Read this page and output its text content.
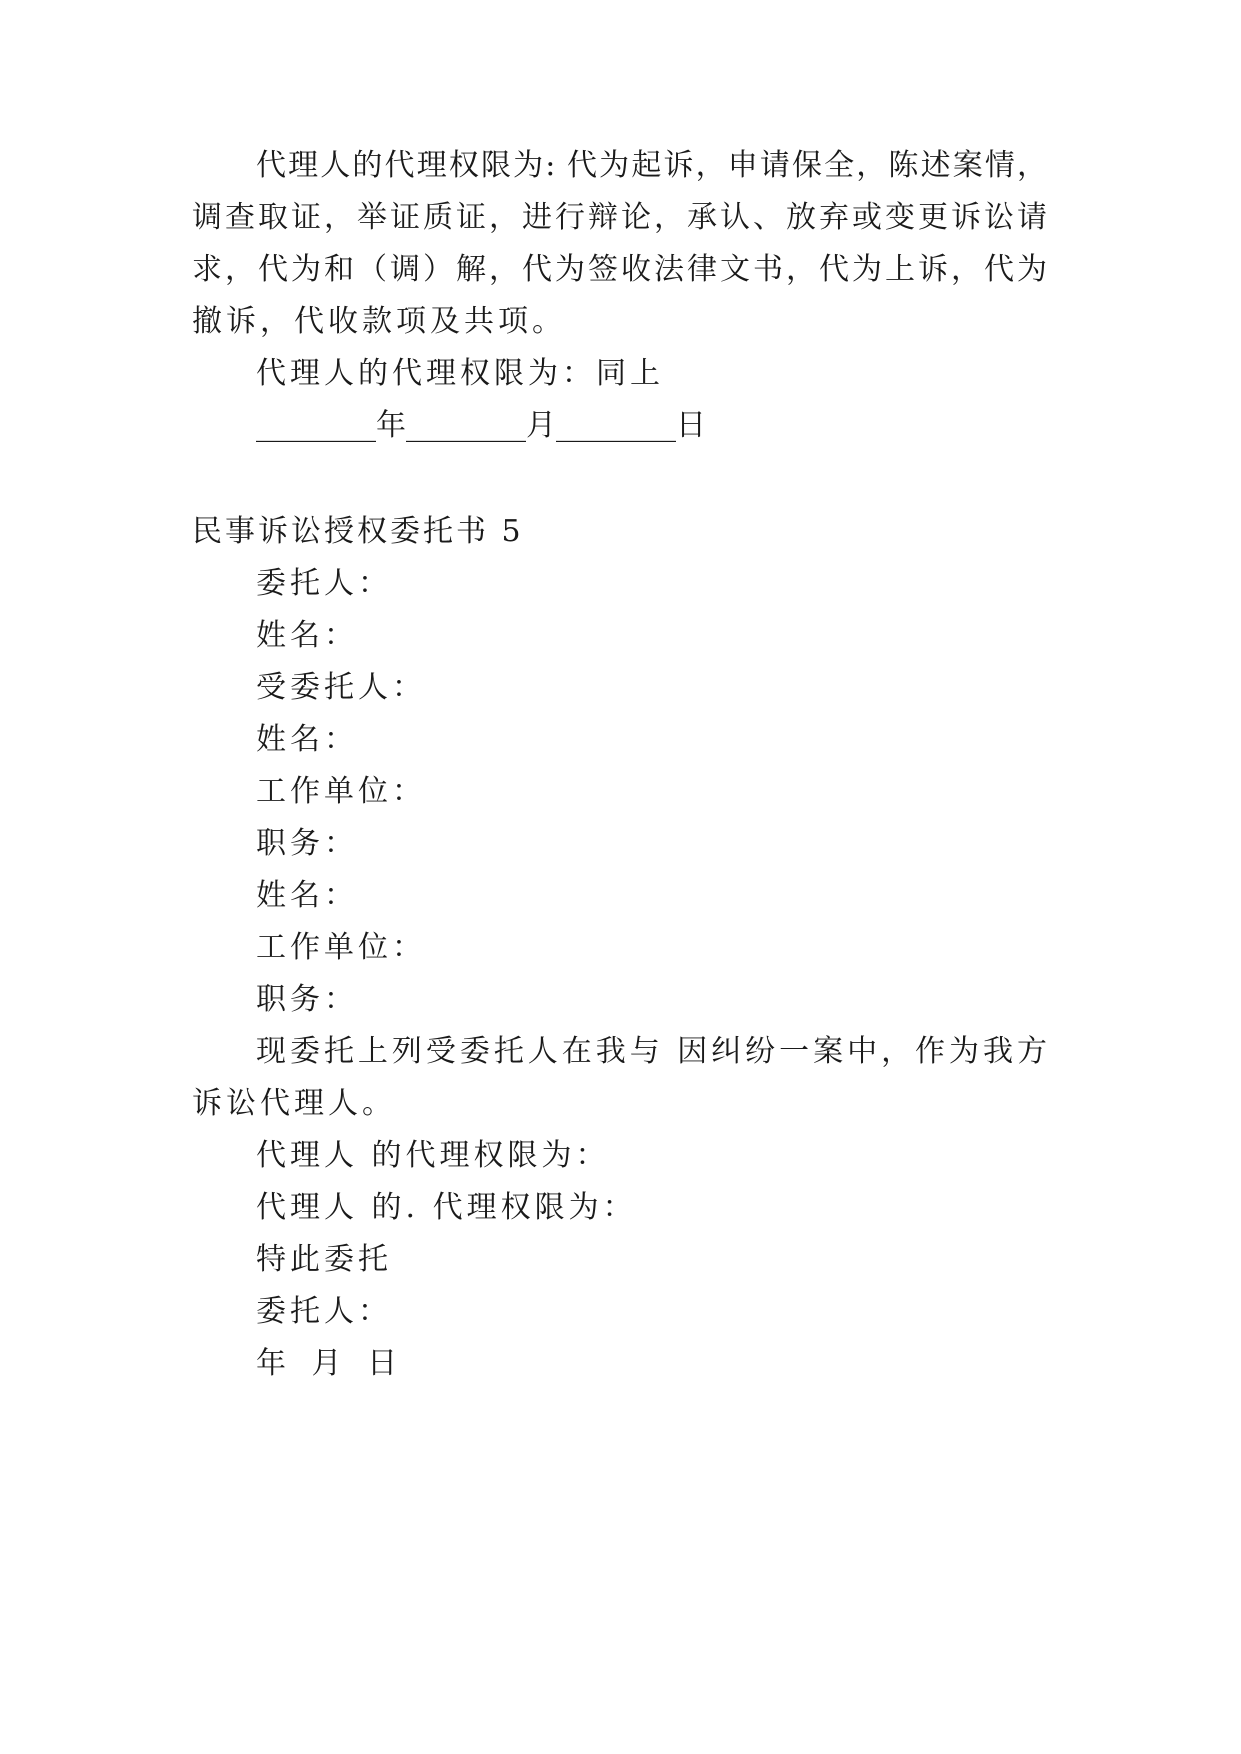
代理人的代理权限为: 代为起诉，申请保全，陈述案情，
调查取证，举证质证，进行辩论，承认、放弃或变更诉讼请
求，代为和（调）解，代为签收法律文书，代为上诉，代为
撤诉，代收款项及共项。
代理人的代理权限为：同上
________年________月________日
民事诉讼授权委托书 5
委托人：
姓名：
受委托人：
姓名：
工作单位：
职务：
姓名：
工作单位：
职务：
现委托上列受委托人在我与 因纠纷一案中，作为我方
诉讼代理人。
代理人 的代理权限为：
代理人 的. 代理权限为：
特此委托
委托人：
年 月 日
